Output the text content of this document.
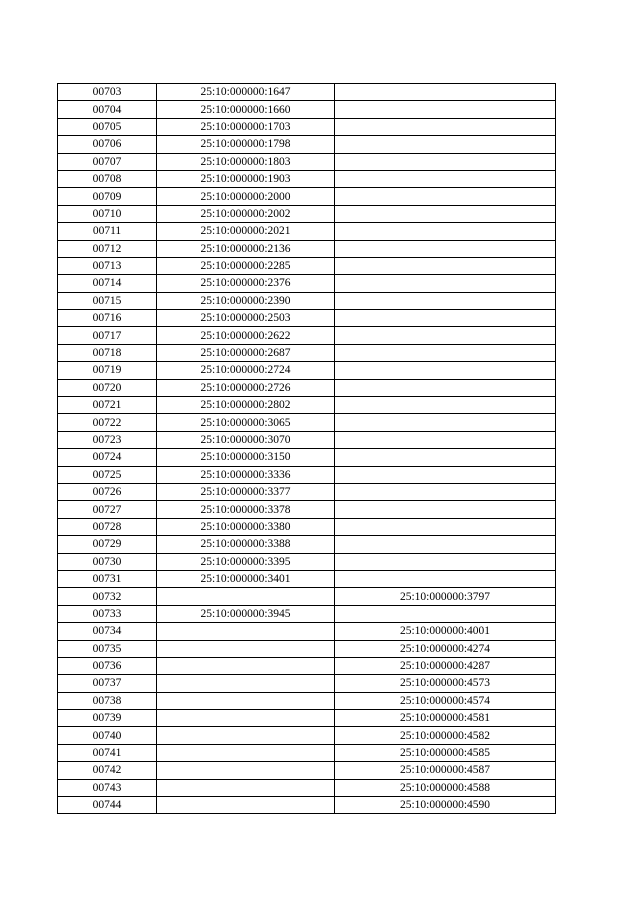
00703	25:10:000000:1647	
00704	25:10:000000:1660	
00705	25:10:000000:1703	
00706	25:10:000000:1798	
00707	25:10:000000:1803	
00708	25:10:000000:1903	
00709	25:10:000000:2000	
00710	25:10:000000:2002	
00711	25:10:000000:2021	
00712	25:10:000000:2136	
00713	25:10:000000:2285	
00714	25:10:000000:2376	
00715	25:10:000000:2390	
00716	25:10:000000:2503	
00717	25:10:000000:2622	
00718	25:10:000000:2687	
00719	25:10:000000:2724	
00720	25:10:000000:2726	
00721	25:10:000000:2802	
00722	25:10:000000:3065	
00723	25:10:000000:3070	
00724	25:10:000000:3150	
00725	25:10:000000:3336	
00726	25:10:000000:3377	
00727	25:10:000000:3378	
00728	25:10:000000:3380	
00729	25:10:000000:3388	
00730	25:10:000000:3395	
00731	25:10:000000:3401	
00732		25:10:000000:3797
00733	25:10:000000:3945	
00734		25:10:000000:4001
00735		25:10:000000:4274
00736		25:10:000000:4287
00737		25:10:000000:4573
00738		25:10:000000:4574
00739		25:10:000000:4581
00740		25:10:000000:4582
00741		25:10:000000:4585
00742		25:10:000000:4587
00743		25:10:000000:4588
00744		25:10:000000:4590
